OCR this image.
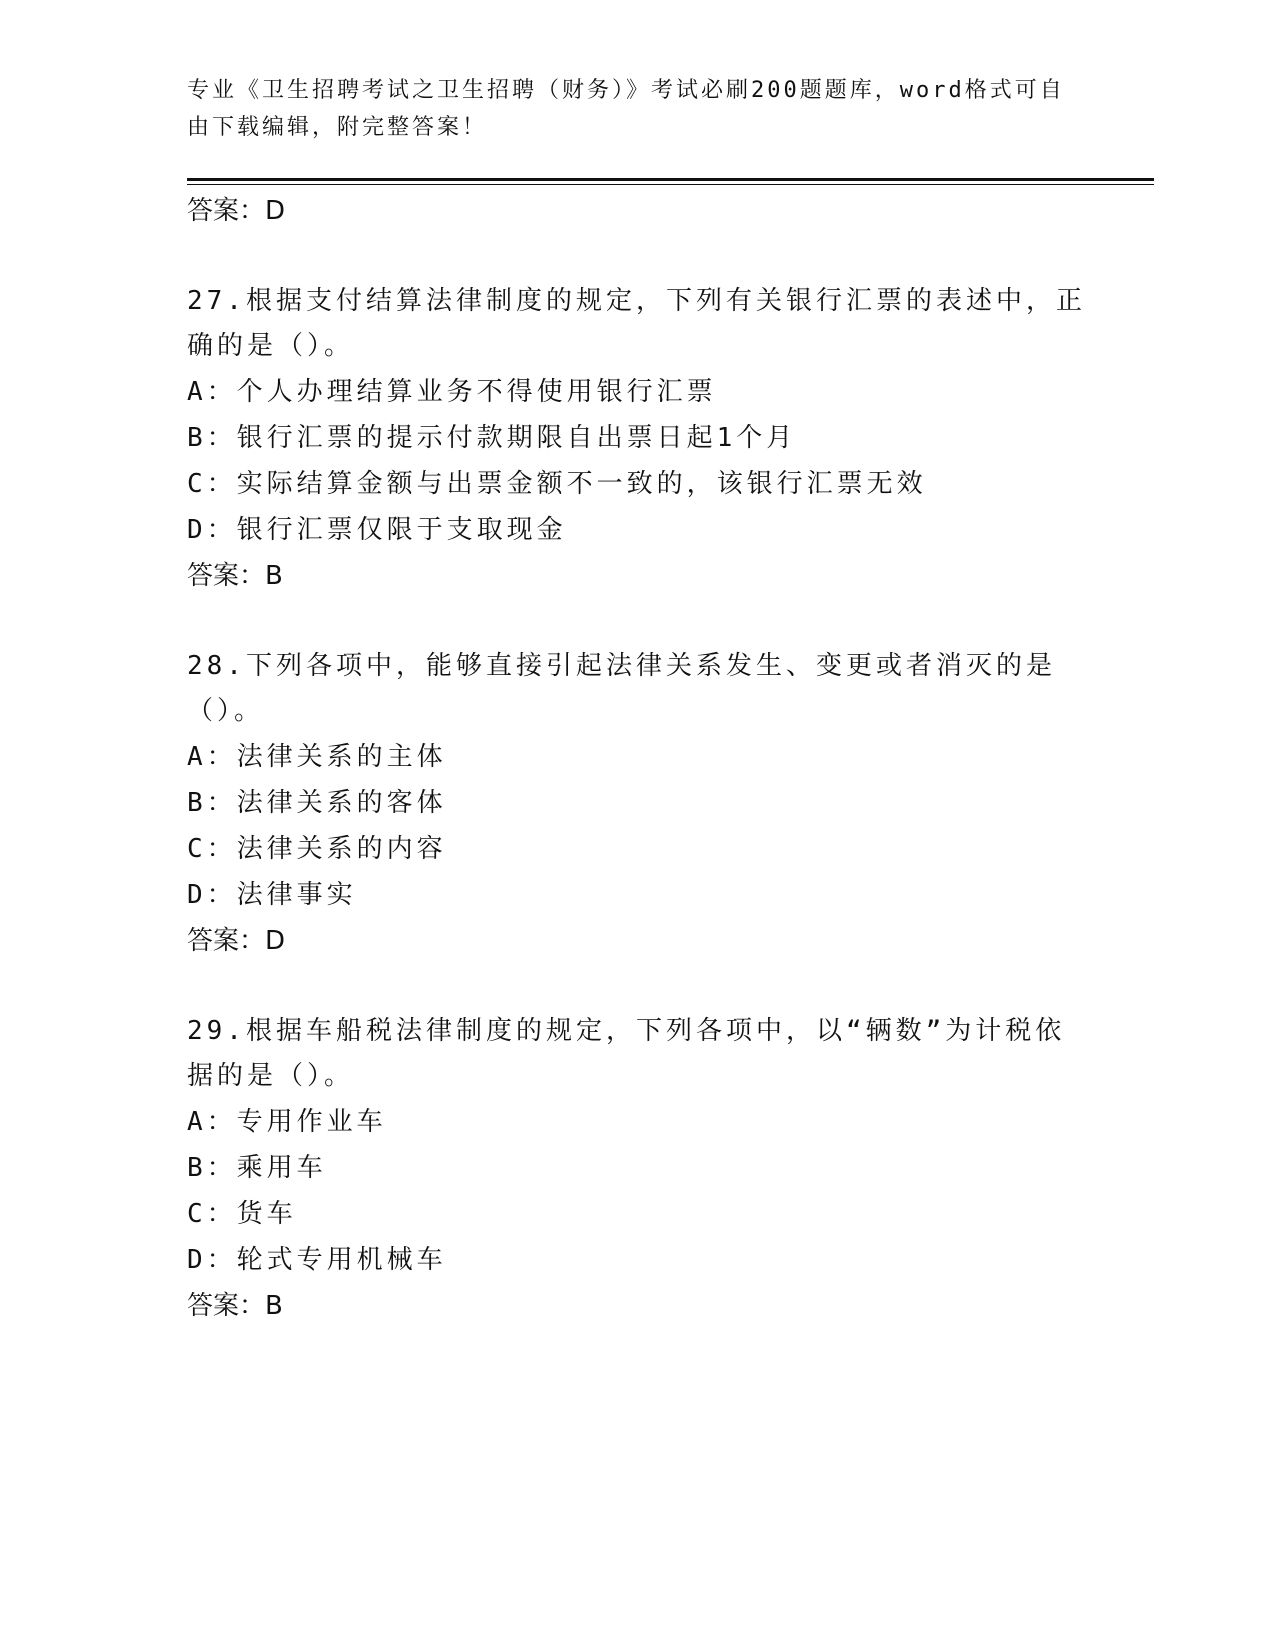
专业《卫生招聘考试之卫生招聘（财务）》考试必刷200题题库，word格式可自由下载编辑，附完整答案！

答案：D

27.根据支付结算法律制度的规定，下列有关银行汇票的表述中，正确的是（）。

A：个人办理结算业务不得使用银行汇票

B：银行汇票的提示付款期限自出票日起1个月

C：实际结算金额与出票金额不一致的，该银行汇票无效

D：银行汇票仅限于支取现金

答案：B

28.下列各项中，能够直接引起法律关系发生、变更或者消灭的是（）。

A：法律关系的主体

B：法律关系的客体

C：法律关系的内容

D：法律事实

答案：D

29.根据车船税法律制度的规定，下列各项中，以“辆数”为计税依据的是（）。

A：专用作业车

B：乘用车

C：货车

D：轮式专用机械车

答案：B
